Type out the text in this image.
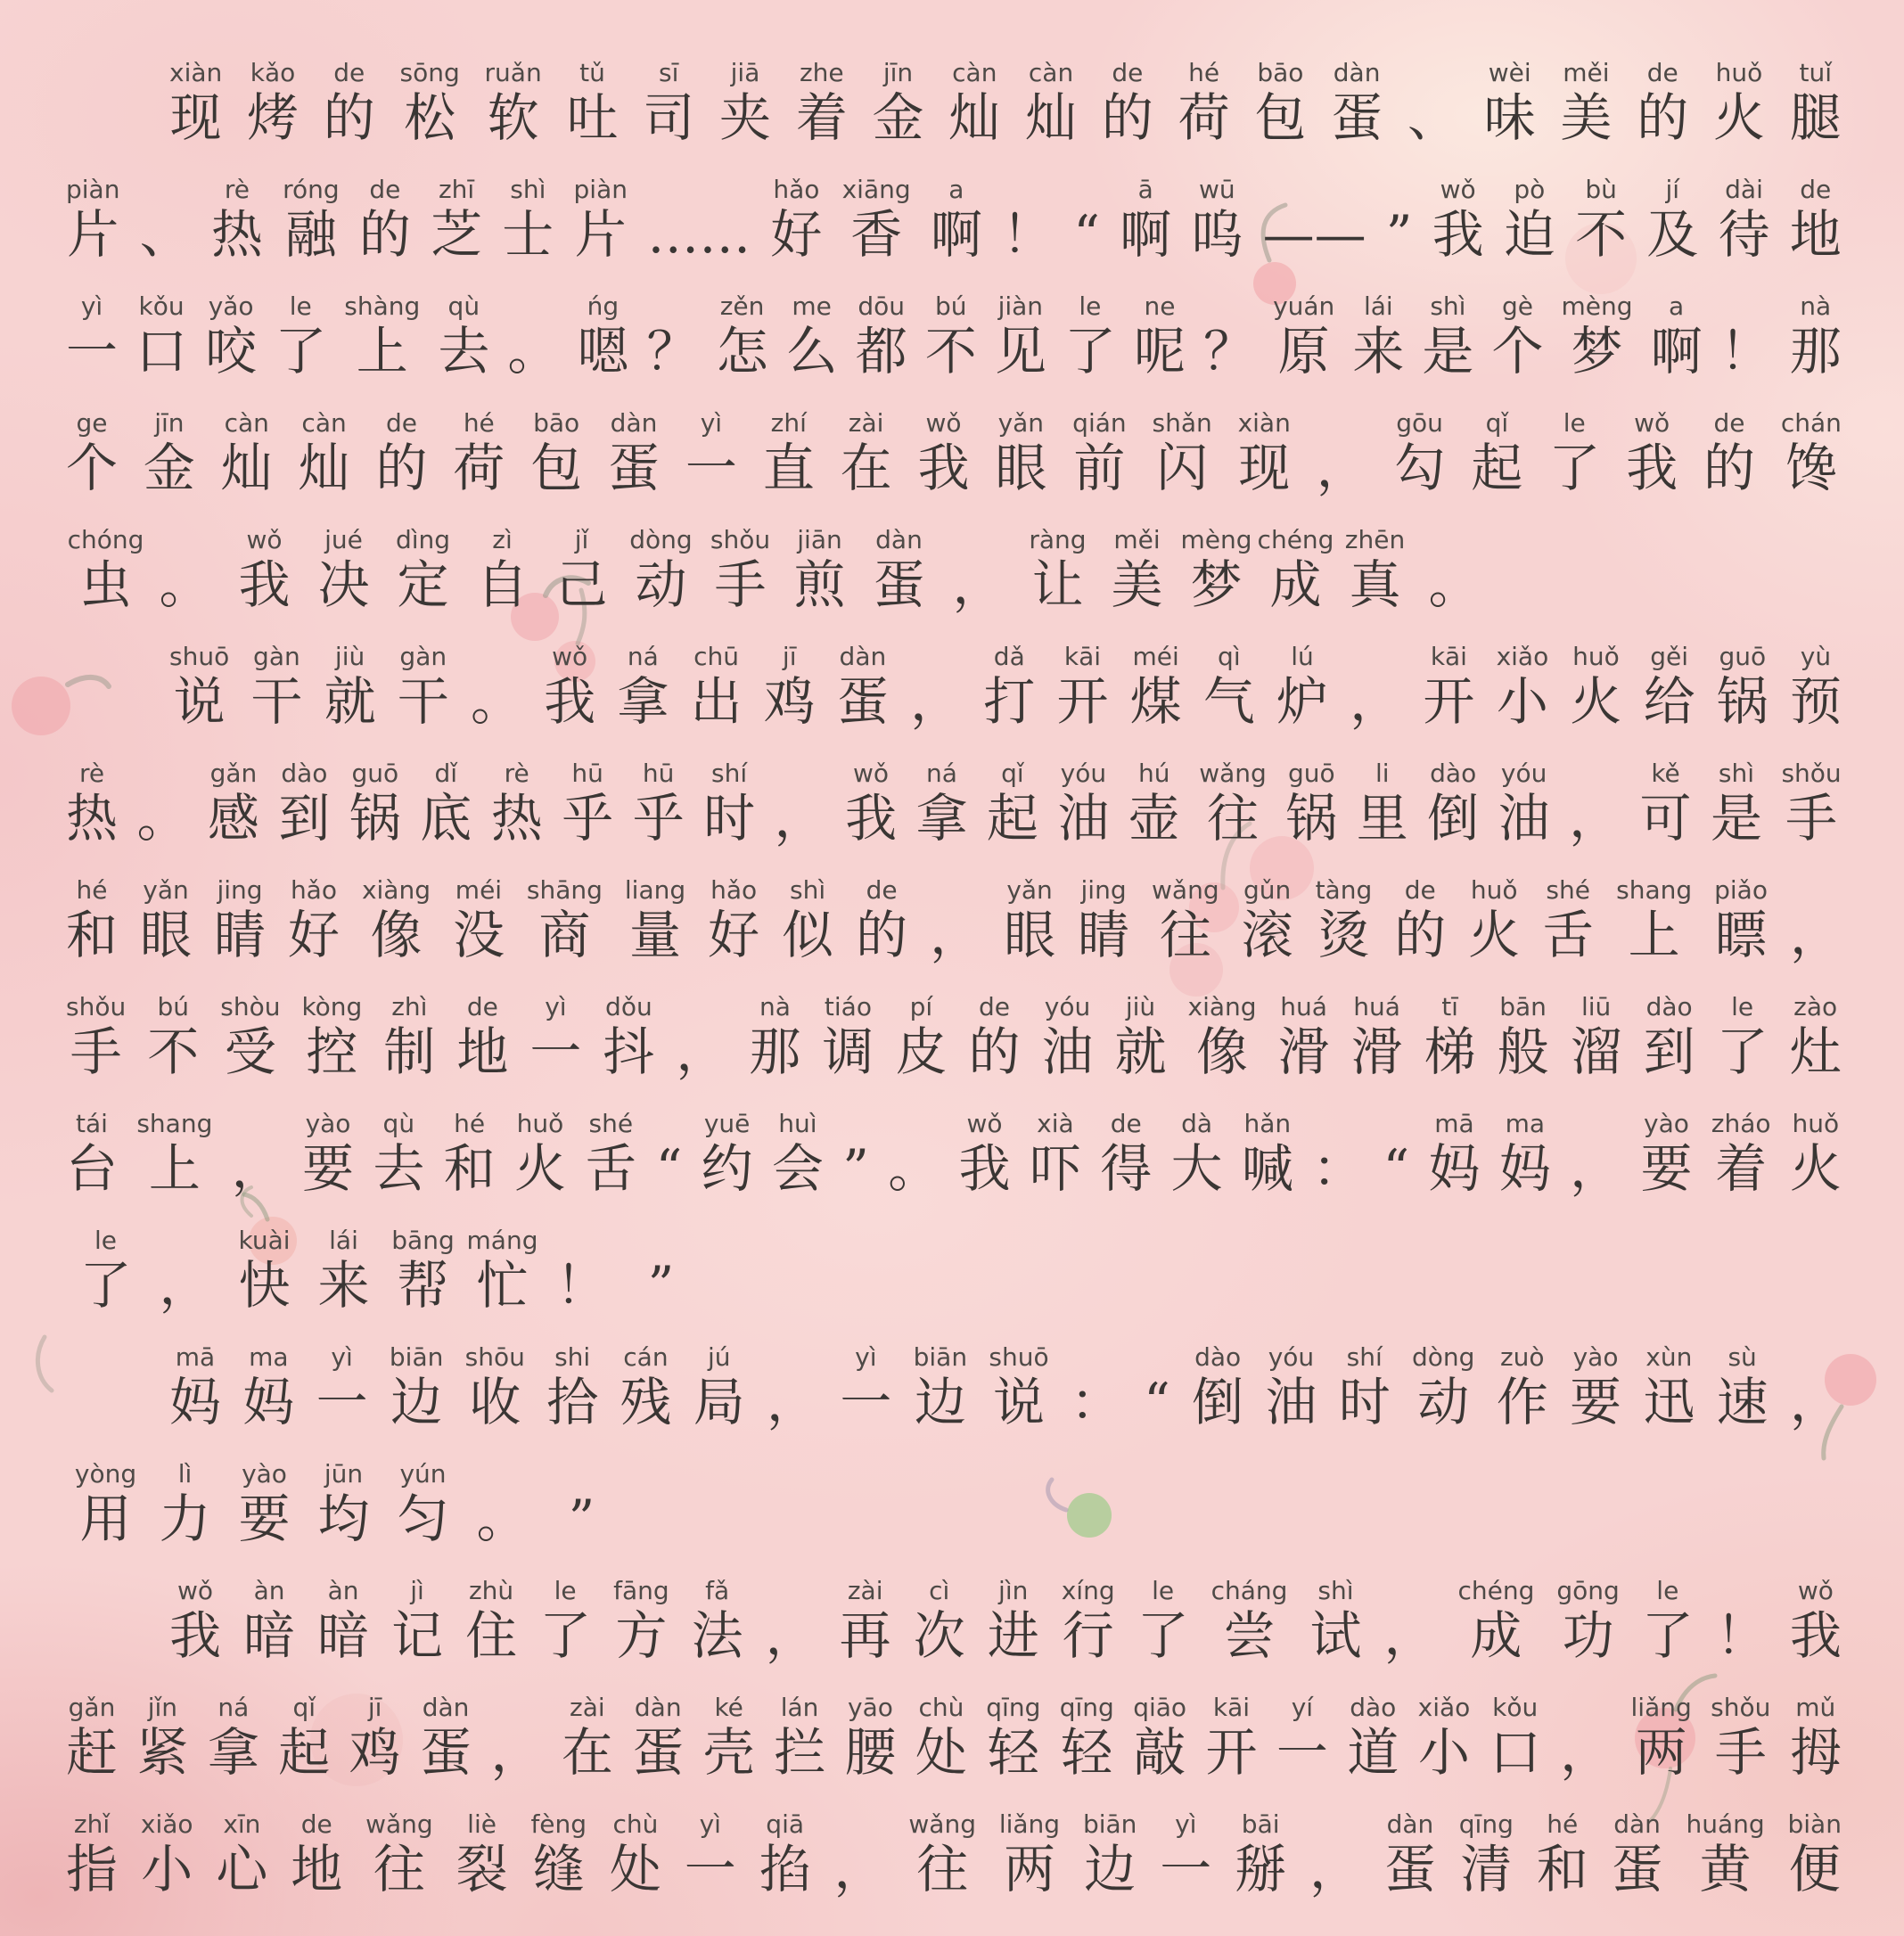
xiàn
现
kǎo
烤
de
的
sōng
松
ruǎn
软
tǔ
吐
sī
司
jiā
夹
zhe
着
jīn
金
càn
灿
càn
灿
de
的
hé
荷
bāo
包
dàn
蛋 、
wèi
味
měi
美
de
的
huǒ
火
tuǐ
腿
piàn
片 、
rè
热
róng
融
de
的
zhī
芝
shì
士
piàn
片 ……
hǎo
好
xiāng
香
a
啊 ！ “
ā
啊
wū
呜 —— ”
wǒ
我
pò
迫
bù
不
jí
及
dài
待
de
地
yì
一
kǒu
口
yǎo
咬
le
了
shàng
上
qù
去 。
ńg
嗯 ？
zěn
怎
me
么
dōu
都
bú
不
jiàn
见
le
了
ne
呢 ？
yuán
原
lái
来
shì
是
gè
个
mèng
梦
a
啊 ！
nà
那
ge
个
jīn
金
càn
灿
càn
灿
de
的
hé
荷
bāo
包
dàn
蛋
yì
一
zhí
直
zài
在
wǒ
我
yǎn
眼
qián
前
shǎn
闪
xiàn
现 ，
gōu
勾
qǐ
起
le
了
wǒ
我
de
的
chán
馋
chóng
虫 。
wǒ
我
jué
决
dìng
定
zì
自
jǐ
己
dòng
动
shǒu
手
jiān
煎
dàn
蛋 ，
ràng
让
měi
美
mèng
梦
chéng
成
zhēn
真 。
shuō
说
gàn
干
jiù
就
gàn
干 。
wǒ
我
ná
拿
chū
出
jī
鸡
dàn
蛋 ，
dǎ
打
kāi
开
méi
煤
qì
气
lú
炉 ，
kāi
开
xiǎo
小
huǒ
火
gěi
给
guō
锅
yù
预
rè
热 。
gǎn
感
dào
到
guō
锅
dǐ
底
rè
热
hū
乎
hū
乎
shí
时 ，
wǒ
我
ná
拿
qǐ
起
yóu
油
hú
壶
wǎng
往
guō
锅
li
里
dào
倒
yóu
油 ，
kě
可
shì
是
shǒu
手
hé
和
yǎn
眼
jing
睛
hǎo
好
xiàng
像
méi
没
shāng
商
liang
量
hǎo
好
shì
似
de
的 ，
yǎn
眼
jing
睛
wǎng
往
gǔn
滚
tàng
烫
de
的
huǒ
火
shé
舌
shang
上
piǎo
瞟 ，
shǒu
手
bú
不
shòu
受
kòng
控
zhì
制
de
地
yì
一
dǒu
抖 ，
nà
那
tiáo
调
pí
皮
de
的
yóu
油
jiù
就
xiàng
像
huá
滑
huá
滑
tī
梯
bān
般
liū
溜
dào
到
le
了
zào
灶
tái
台
shang
上 ，
yào
要
qù
去
hé
和
huǒ
火
shé
舌 “
yuē
约
huì
会 ” 。
wǒ
我
xià
吓
de
得
dà
大
hǎn
喊 ： “
mā
妈
ma
妈 ，
yào
要
zháo
着
huǒ
火
le
了 ，
kuài
快
lái
来
bāng
帮
máng
忙 ！ ”
mā
妈
ma
妈
yì
一
biān
边
shōu
收
shi
拾
cán
残
jú
局 ，
yì
一
biān
边
shuō
说 ： “
dào
倒
yóu
油
shí
时
dòng
动
zuò
作
yào
要
xùn
迅
sù
速 ，
yòng
用
lì
力
yào
要
jūn
均
yún
匀 。 ”
wǒ
我
àn
暗
àn
暗
jì
记
zhù
住
le
了
fāng
方
fǎ
法 ，
zài
再
cì
次
jìn
进
xíng
行
le
了
cháng
尝
shì
试 ，
chéng
成
gōng
功
le
了 ！
wǒ
我
gǎn
赶
jǐn
紧
ná
拿
qǐ
起
jī
鸡
dàn
蛋 ，
zài
在
dàn
蛋
ké
壳
lán
拦
yāo
腰
chù
处
qīng
轻
qīng
轻
qiāo
敲
kāi
开
yí
一
dào
道
xiǎo
小
kǒu
口 ，
liǎng
两
shǒu
手
mǔ
拇
zhǐ
指
xiǎo
小
xīn
心
de
地
wǎng
往
liè
裂
fèng
缝
chù
处
yì
一
qiā
掐 ，
wǎng
往
liǎng
两
biān
边
yì
一
bāi
掰 ，
dàn
蛋
qīng
清
hé
和
dàn
蛋
huáng
黄
biàn
便
